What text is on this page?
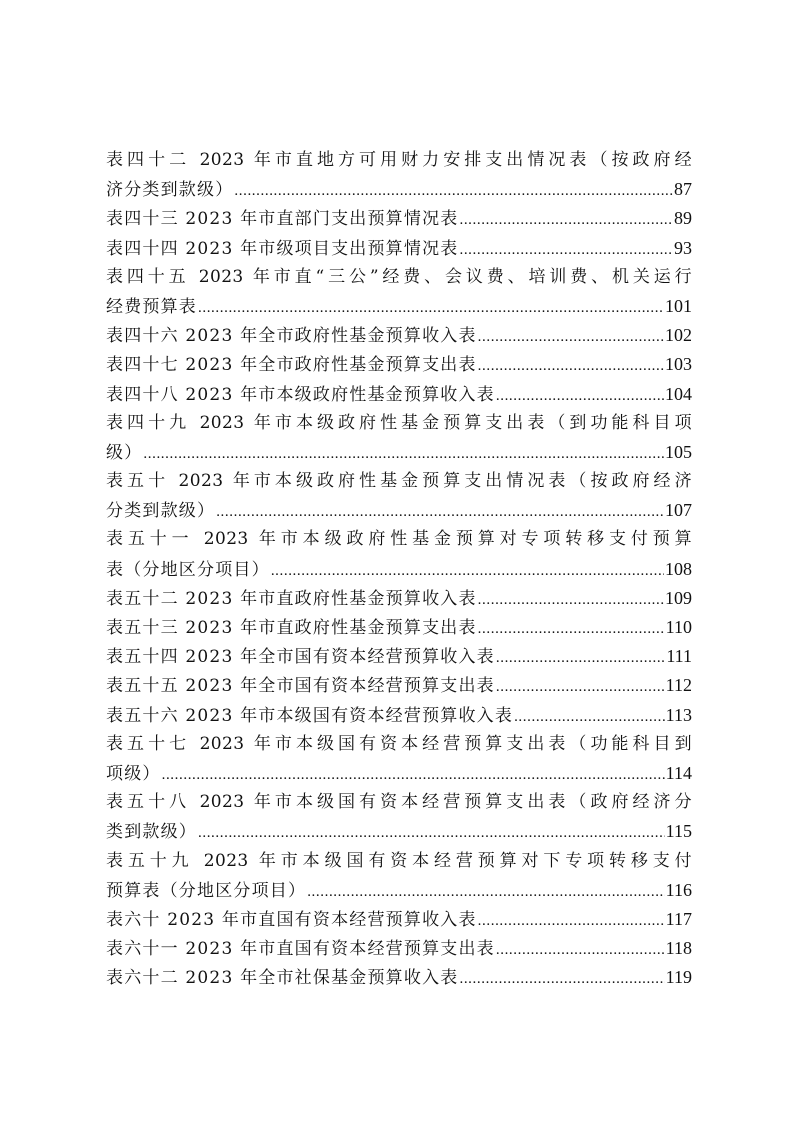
表四十二 2023 年市直地方可用财力安排支出情况表（按政府经
济分类到款级） .....	87
表四十三 2023 年市直部门支出预算情况表 .....	89
表四十四 2023 年市级项目支出预算情况表 .....	93
表四十五 2023 年市直“三公”经费、会议费、培训费、机关运行
经费预算表 .....	101
表四十六 2023 年全市政府性基金预算收入表 .....	102
表四十七 2023 年全市政府性基金预算支出表 .....	103
表四十八 2023 年市本级政府性基金预算收入表 .....	104
表四十九 2023 年市本级政府性基金预算支出表（到功能科目项
级） .....	105
表五十 2023 年市本级政府性基金预算支出情况表（按政府经济
分类到款级） .....	107
表五十一 2023 年市本级政府性基金预算对专项转移支付预算
表（分地区分项目） .....	108
表五十二 2023 年市直政府性基金预算收入表 .....	109
表五十三 2023 年市直政府性基金预算支出表 .....	110
表五十四 2023 年全市国有资本经营预算收入表 .....	111
表五十五 2023 年全市国有资本经营预算支出表 .....	112
表五十六 2023 年市本级国有资本经营预算收入表 .....	113
表五十七 2023 年市本级国有资本经营预算支出表（功能科目到
项级） .....	114
表五十八 2023 年市本级国有资本经营预算支出表（政府经济分
类到款级） .....	115
表五十九 2023 年市本级国有资本经营预算对下专项转移支付
预算表（分地区分项目） .....	116
表六十 2023 年市直国有资本经营预算收入表 .....	117
表六十一 2023 年市直国有资本经营预算支出表 .....	118
表六十二 2023 年全市社保基金预算收入表 .....	119
